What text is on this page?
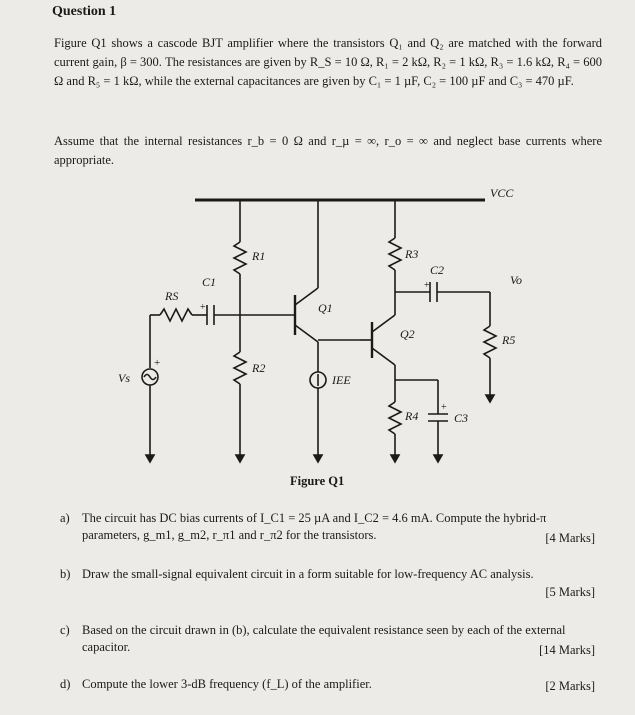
Question 1
Figure Q1 shows a cascode BJT amplifier where the transistors Q₁ and Q₂ are matched with the forward current gain, β = 300. The resistances are given by R_S = 10 Ω, R₁ = 2 kΩ, R₂ = 1 kΩ, R₃ = 1.6 kΩ, R₄ = 600 Ω and R₅ = 1 kΩ, while the external capacitances are given by C₁ = 1 µF, C₂ = 100 µF and C₃ = 470 µF.
Assume that the internal resistances r_b = 0 Ω and r_µ = ∞, r_o = ∞ and neglect base currents where appropriate.
VCC
R1
R2
R3
R4
R5
RS
C1
C2
C3
Q1
Q2
Vs
Vo
IEE
+
+
+
+
Figure Q1
a) The circuit has DC bias currents of I_C1 = 25 µA and I_C2 = 4.6 mA. Compute the hybrid-π parameters, g_m1, g_m2, r_π1 and r_π2 for the transistors.	[4 Marks]
b) Draw the small-signal equivalent circuit in a form suitable for low-frequency AC analysis.
[5 Marks]
c) Based on the circuit drawn in (b), calculate the equivalent resistance seen by each of the external capacitor.	[14 Marks]
d) Compute the lower 3-dB frequency (f_L) of the amplifier.	[2 Marks]
